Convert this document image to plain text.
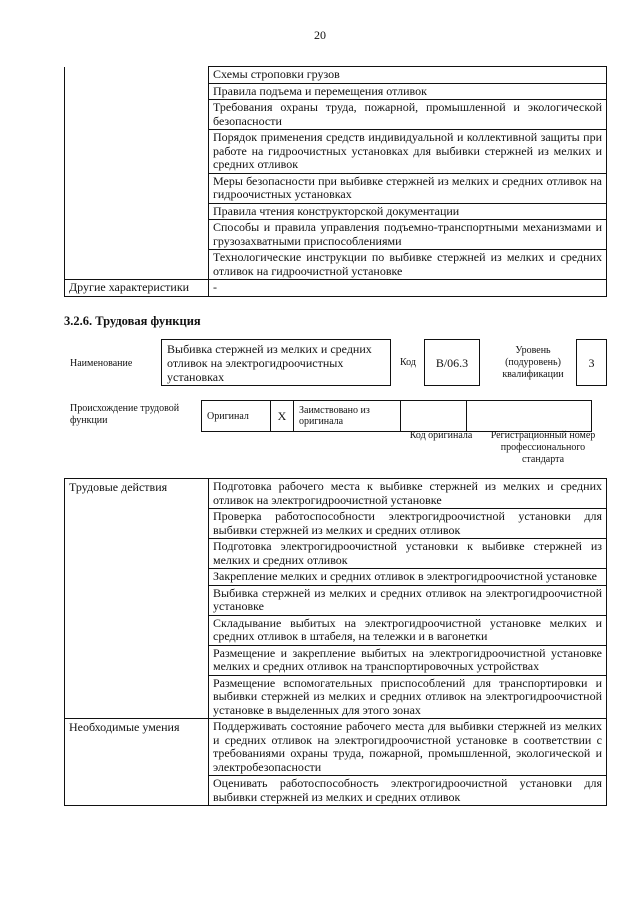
20
	Схемы строповки грузов
	Правила подъема и перемещения отливок
	Требования охраны труда, пожарной, промышленной и экологической безопасности
	Порядок применения средств индивидуальной и коллективной защиты при работе на гидроочистных установках для выбивки стержней из мелких и средних отливок
	Меры безопасности при выбивке стержней из мелких и средних отливок на гидроочистных установках
	Правила чтения конструкторской документации
	Способы и правила управления подъемно-транспортными механизмами и грузозахватными приспособлениями
	Технологические инструкции по выбивке стержней из мелких и средних отливок на гидроочистной установке
Другие характеристики	-
3.2.6. Трудовая функция
Наименование
Выбивка стержней из мелких и средних отливок на электрогидроочистных установках
Код	В/06.3
Уровень (подуровень) квалификации
3
Происхождение трудовой функции	Оригинал	X	Заимствовано из оригинала		
Код оригинала	Регистрационный номер профессионального стандарта
Трудовые действия	Подготовка рабочего места к выбивке стержней из мелких и средних отливок на электрогидроочистной установке
	Проверка работоспособности электрогидроочистной установки для выбивки стержней из мелких и средних отливок
	Подготовка электрогидроочистной установки к выбивке стержней из мелких и средних отливок
	Закрепление мелких и средних отливок в электрогидроочистной установке
	Выбивка стержней из мелких и средних отливок на электрогидроочистной установке
	Складывание выбитых на электрогидроочистной установке мелких и средних отливок в штабеля, на тележки и в вагонетки
	Размещение и закрепление выбитых на электрогидроочистной установке мелких и средних отливок на транспортировочных устройствах
	Размещение вспомогательных приспособлений для транспортировки и выбивки стержней из мелких и средних отливок на электрогидроочистной установке в выделенных для этого зонах
Необходимые умения	Поддерживать состояние рабочего места для выбивки стержней из мелких и средних отливок на электрогидроочистной установке в соответствии с требованиями охраны труда, пожарной, промышленной, экологической и электробезопасности
	Оценивать работоспособность электрогидроочистной установки для выбивки стержней из мелких и средних отливок
